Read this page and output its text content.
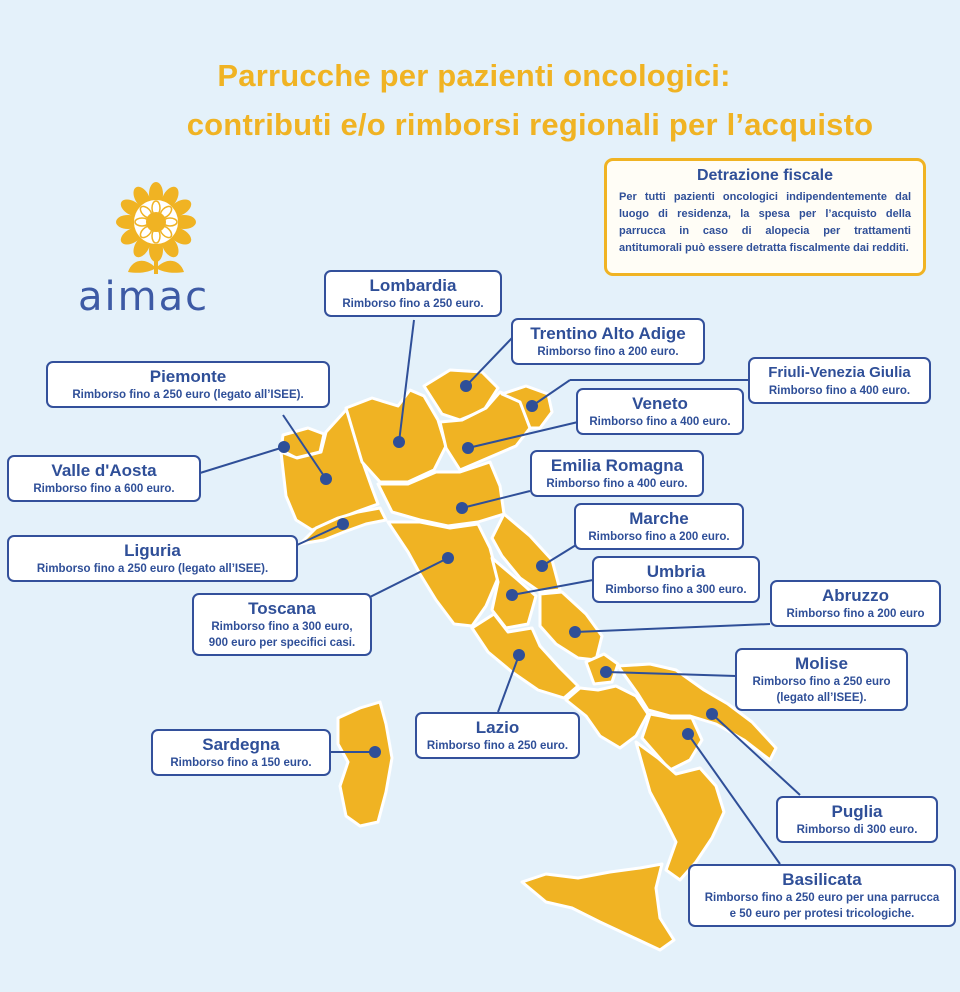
Parrucche per pazienti oncologici:
contributi e/o rimborsi regionali per l’acquisto
aimac
Detrazione fiscale
Per tutti pazienti oncologici indipendentemente dal luogo di residenza, la spesa per l’acquisto della parrucca in caso di alopecia per trattamenti antitumorali può essere detratta fiscalmente dai redditi.
Lombardia
Rimborso fino a 250 euro.
Trentino Alto Adige
Rimborso fino a 200 euro.
Friuli-Venezia Giulia
Rimborso fino a 400 euro.
Veneto
Rimborso fino a 400 euro.
Piemonte
Rimborso fino a 250 euro (legato all’ISEE).
Valle d'Aosta
Rimborso fino a 600 euro.
Emilia Romagna
Rimborso fino a 400 euro.
Marche
Rimborso fino a 200 euro.
Liguria
Rimborso fino a 250 euro (legato all’ISEE).	Umbria
Rimborso fino a 300 euro.
Toscana
Rimborso fino a 300 euro,
900 euro per specifici casi.
Abruzzo
Rimborso fino a 200 euro
Molise
Rimborso fino a 250 euro
(legato all’ISEE).
Lazio
Rimborso fino a 250 euro.
Sardegna
Rimborso fino a 150 euro.
Puglia
Rimborso di 300 euro.
Basilicata
Rimborso fino a 250 euro per una parrucca
e 50 euro per protesi tricologiche.
